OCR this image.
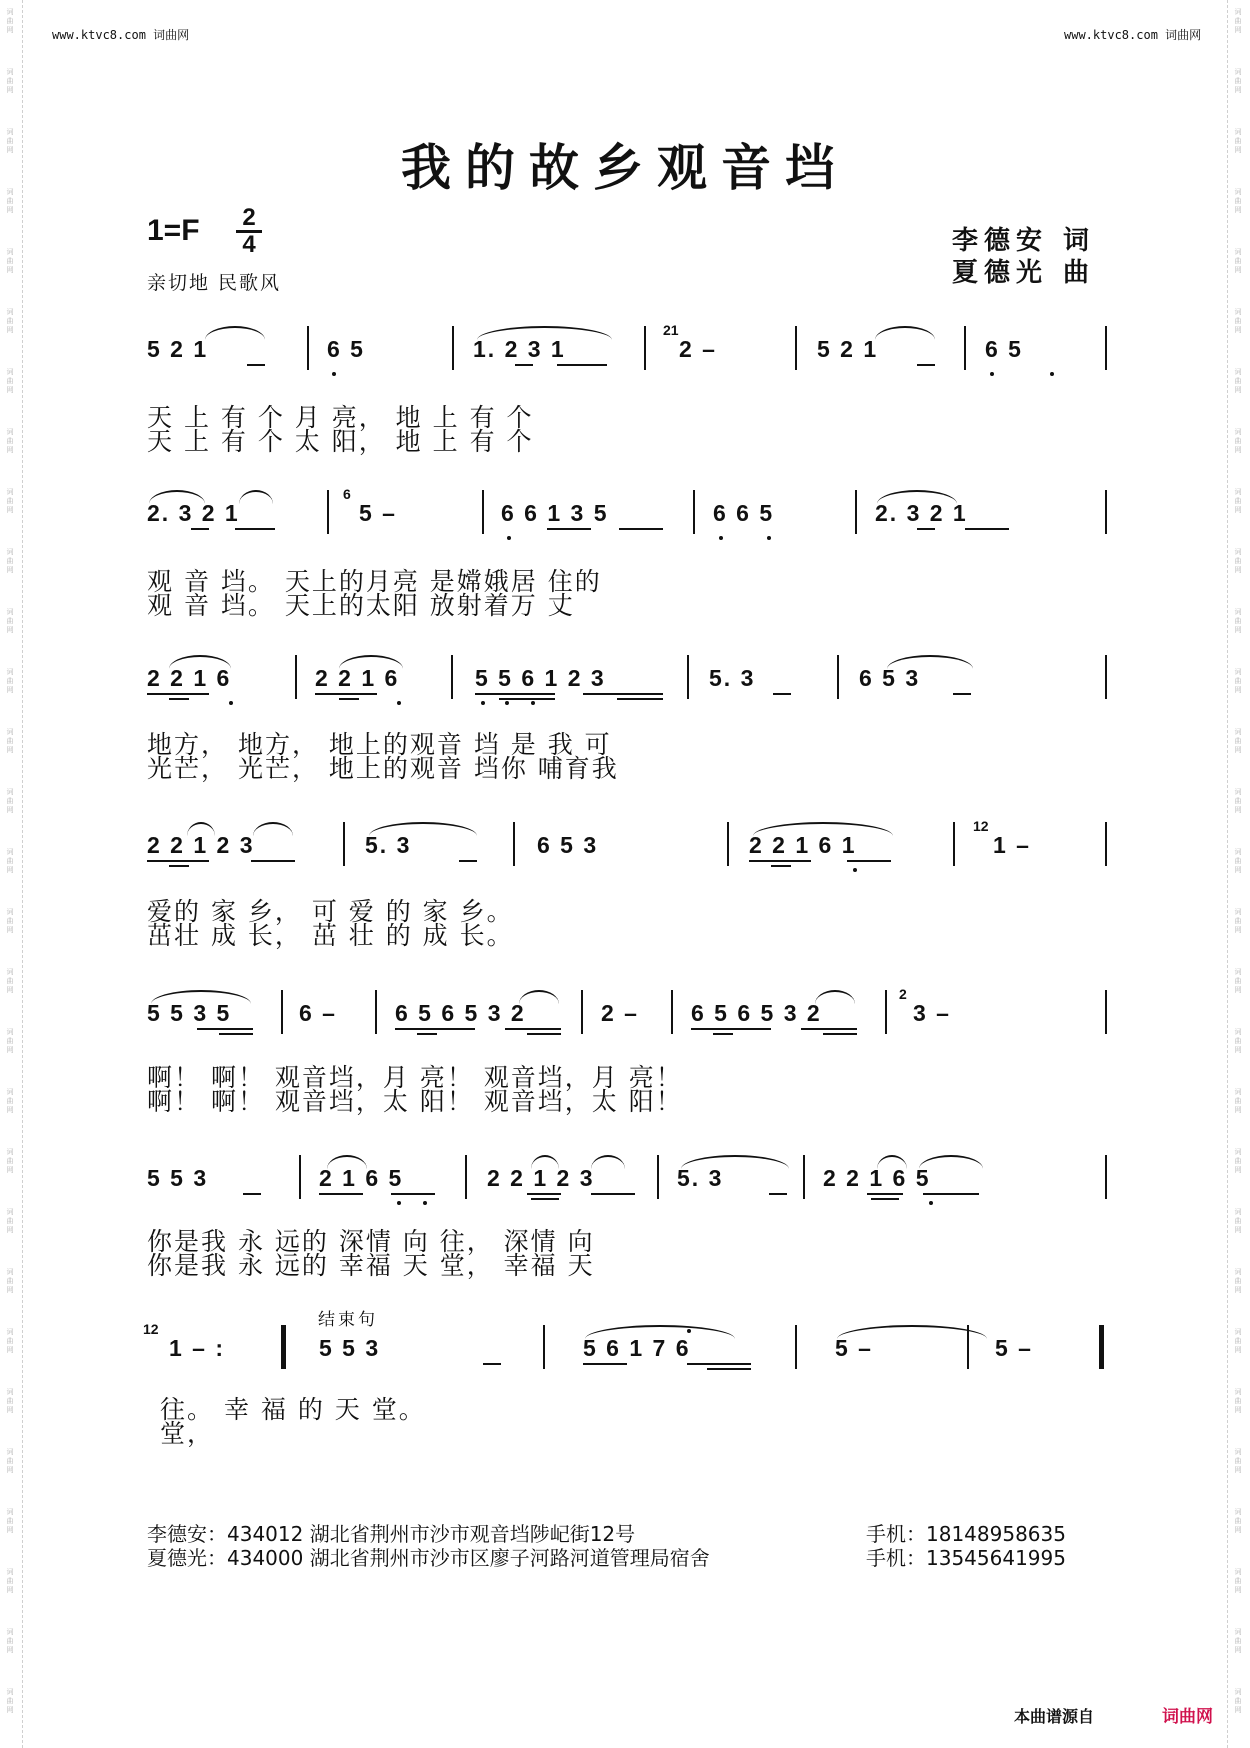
词
曲
网
词
曲
网
词
曲
网
词
曲
网
词
曲
网
词
曲
网
词
曲
网
词
曲
网
词
曲
网
词
曲
网
词
曲
网
词
曲
网
词
曲
网
词
曲
网
词
曲
网
词
曲
网
词
曲
网
词
曲
网
词
曲
网
词
曲
网
词
曲
网
词
曲
网
词
曲
网
词
曲
网
词
曲
网
词
曲
网
词
曲
网
词
曲
网
词
曲
网
词
曲
网
词
曲
网
词
曲
网
词
曲
网
词
曲
网
词
曲
网
词
曲
网
词
曲
网
词
曲
网
词
曲
网
词
曲
网
词
曲
网
词
曲
网
词
曲
网
词
曲
网
词
曲
网
词
曲
网
词
曲
网
词
曲
网
词
曲
网
词
曲
网
词
曲
网
词
曲
网
词
曲
网
词
曲
网
词
曲
网
词
曲
网
词
曲
网
词
曲
网
www.ktvc8.com 词曲网	www.ktvc8.com 词曲网
我的故乡观音垱
1=F 2
4
亲切地 民歌风
李德安 词
夏德光 曲
5 2 1	6 5	1. 2 3 1
21
2 –	5 2 1	6 5
天 上 有 个 月 亮， 地 上 有 个
天 上 有 个 太 阳， 地 上 有 个
2. 3 2 1
6
5 –	6 6 1 3 5	6 6 5	2. 3 2 1
观 音 垱。 天上的月亮 是嫦娥居 住的
观 音 垱。 天上的太阳 放射着万 丈
2 2 1 6	2 2 1 6	5 5 6 1 2 3	5. 3	6 5 3
地方， 地方， 地上的观音 垱 是 我 可
光芒， 光芒， 地上的观音 垱你 哺育我
2 2 1 2 3	5. 3	6 5 3	2 2 1 6 1
12
1 –
爱的 家 乡， 可 爱 的 家 乡。
茁壮 成 长， 茁 壮 的 成 长。
5 5 3 5	6 –	6 5 6 5 3 2	2 – 6 5 6 5 3 2
2
3 –
啊！ 啊！ 观音垱，月 亮！ 观音垱，月 亮！
啊！ 啊！ 观音垱，太 阳！ 观音垱，太 阳！
5 5 3	2 1 6 5	2 2 1 2 3	5. 3	2 2 1 6 5
你是我 永 远的 深情 向 往， 深情 向
你是我 永 远的 幸福 天 堂， 幸福 天
结束句
12
1 – :	5 5 3	5 6 1 7 6	5 –	5 –
往。 幸 福 的 天 堂。
堂，
李德安：434012 湖北省荆州市沙市观音垱陟屺街12号	手机：18148958635
夏德光：434000 湖北省荆州市沙市区廖子河路河道管理局宿舍	手机：13545641995
本曲谱源自	词曲网
